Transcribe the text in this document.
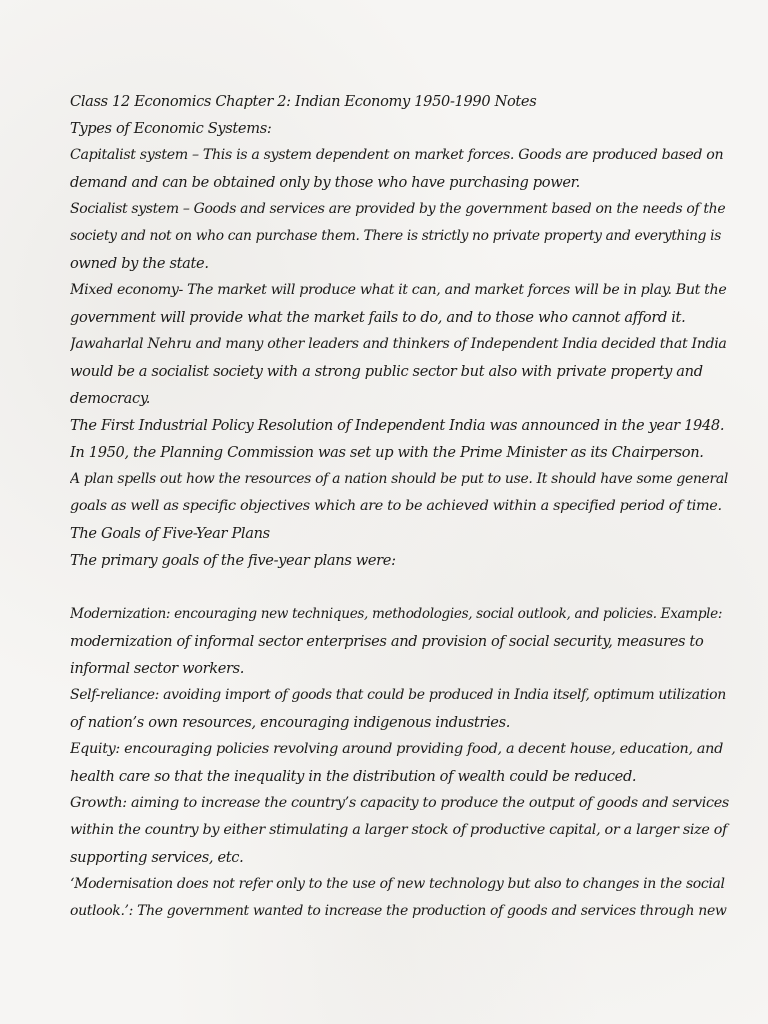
Class 12 Economics Chapter 2: Indian Economy 1950-1990 Notes
Types of Economic Systems:
Capitalist system – This is a system dependent on market forces. Goods are produced based on
demand and can be obtained only by those who have purchasing power.
Socialist system – Goods and services are provided by the government based on the needs of the
society and not on who can purchase them. There is strictly no private property and everything is
owned by the state.
Mixed economy- The market will produce what it can, and market forces will be in play. But the
government will provide what the market fails to do, and to those who cannot afford it.
Jawaharlal Nehru and many other leaders and thinkers of Independent India decided that India
would be a socialist society with a strong public sector but also with private property and
democracy.
The First Industrial Policy Resolution of Independent India was announced in the year 1948.
In 1950, the Planning Commission was set up with the Prime Minister as its Chairperson.
A plan spells out how the resources of a nation should be put to use. It should have some general
goals as well as specific objectives which are to be achieved within a specified period of time.
The Goals of Five-Year Plans
The primary goals of the five-year plans were:
Modernization: encouraging new techniques, methodologies, social outlook, and policies. Example:
modernization of informal sector enterprises and provision of social security, measures to
informal sector workers.
Self-reliance: avoiding import of goods that could be produced in India itself, optimum utilization
of nation’s own resources, encouraging indigenous industries.
Equity: encouraging policies revolving around providing food, a decent house, education, and
health care so that the inequality in the distribution of wealth could be reduced.
Growth: aiming to increase the country’s capacity to produce the output of goods and services
within the country by either stimulating a larger stock of productive capital, or a larger size of
supporting services, etc.
‘Modernisation does not refer only to the use of new technology but also to changes in the social
outlook.’: The government wanted to increase the production of goods and services through new
